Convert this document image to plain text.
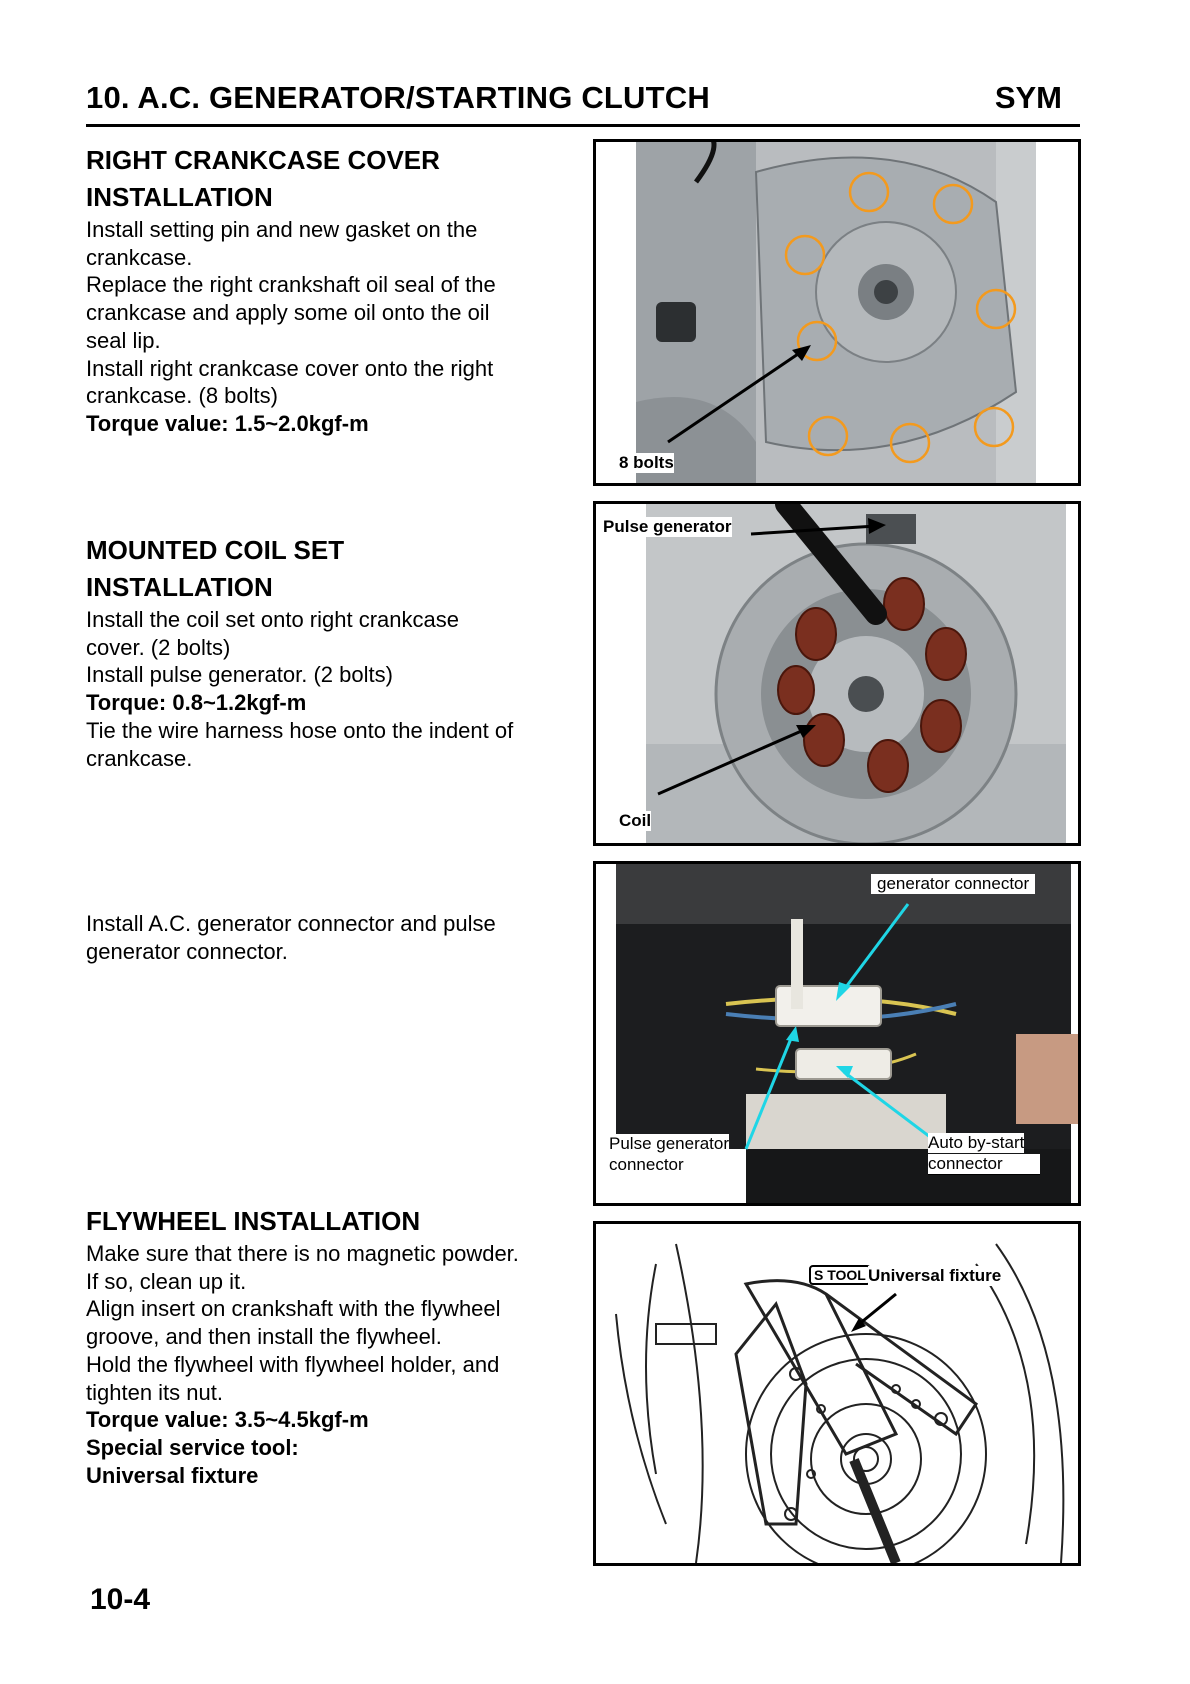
10. A.C. GENERATOR/STARTING CLUTCH	SYM
RIGHT CRANKCASE COVER
INSTALLATION

Install setting pin and new gasket on the

crankcase.

Replace the right crankshaft oil seal of the

crankcase and apply some oil onto the oil

seal lip.

Install right crankcase cover onto the right

crankcase. (8 bolts)

Torque value: 1.5~2.0kgf-m

MOUNTED COIL SET
INSTALLATION

Install the coil set onto right crankcase

cover. (2 bolts)

Install pulse generator. (2 bolts)

Torque: 0.8~1.2kgf-m

Tie the wire harness hose onto the indent of

crankcase.

Install A.C. generator connector and pulse

generator connector.

FLYWHEEL INSTALLATION

Make sure that there is no magnetic powder.

If so, clean up it.

Align insert on crankshaft with the flywheel

groove, and then install the flywheel.

Hold the flywheel with flywheel holder, and

tighten its nut.

Torque value: 3.5~4.5kgf-m

Special service tool:

Universal fixture

8 bolts
Pulse generator
Coil
generator connector
Pulse generator
connector
Auto by-start
connector
S TOOL Universal fixture
10-4
